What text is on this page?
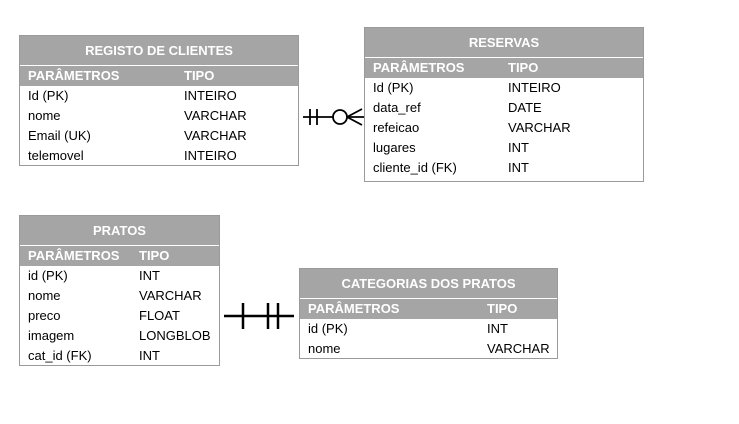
REGISTO DE CLIENTES
PARÂMETROS	TIPO
Id (PK)	INTEIRO
nome	VARCHAR
Email (UK)	VARCHAR
telemovel	INTEIRO
RESERVAS
PARÂMETROS	TIPO
Id (PK)	INTEIRO
data_ref	DATE
refeicao	VARCHAR
lugares	INT
cliente_id (FK)	INT
PRATOS
PARÂMETROS TIPO
id (PK)	INT
nome	VARCHAR
preco	FLOAT
imagem	LONGBLOB
cat_id (FK)	INT
CATEGORIAS DOS PRATOS
PARÂMETROS	TIPO
id (PK)	INT
nome	VARCHAR
